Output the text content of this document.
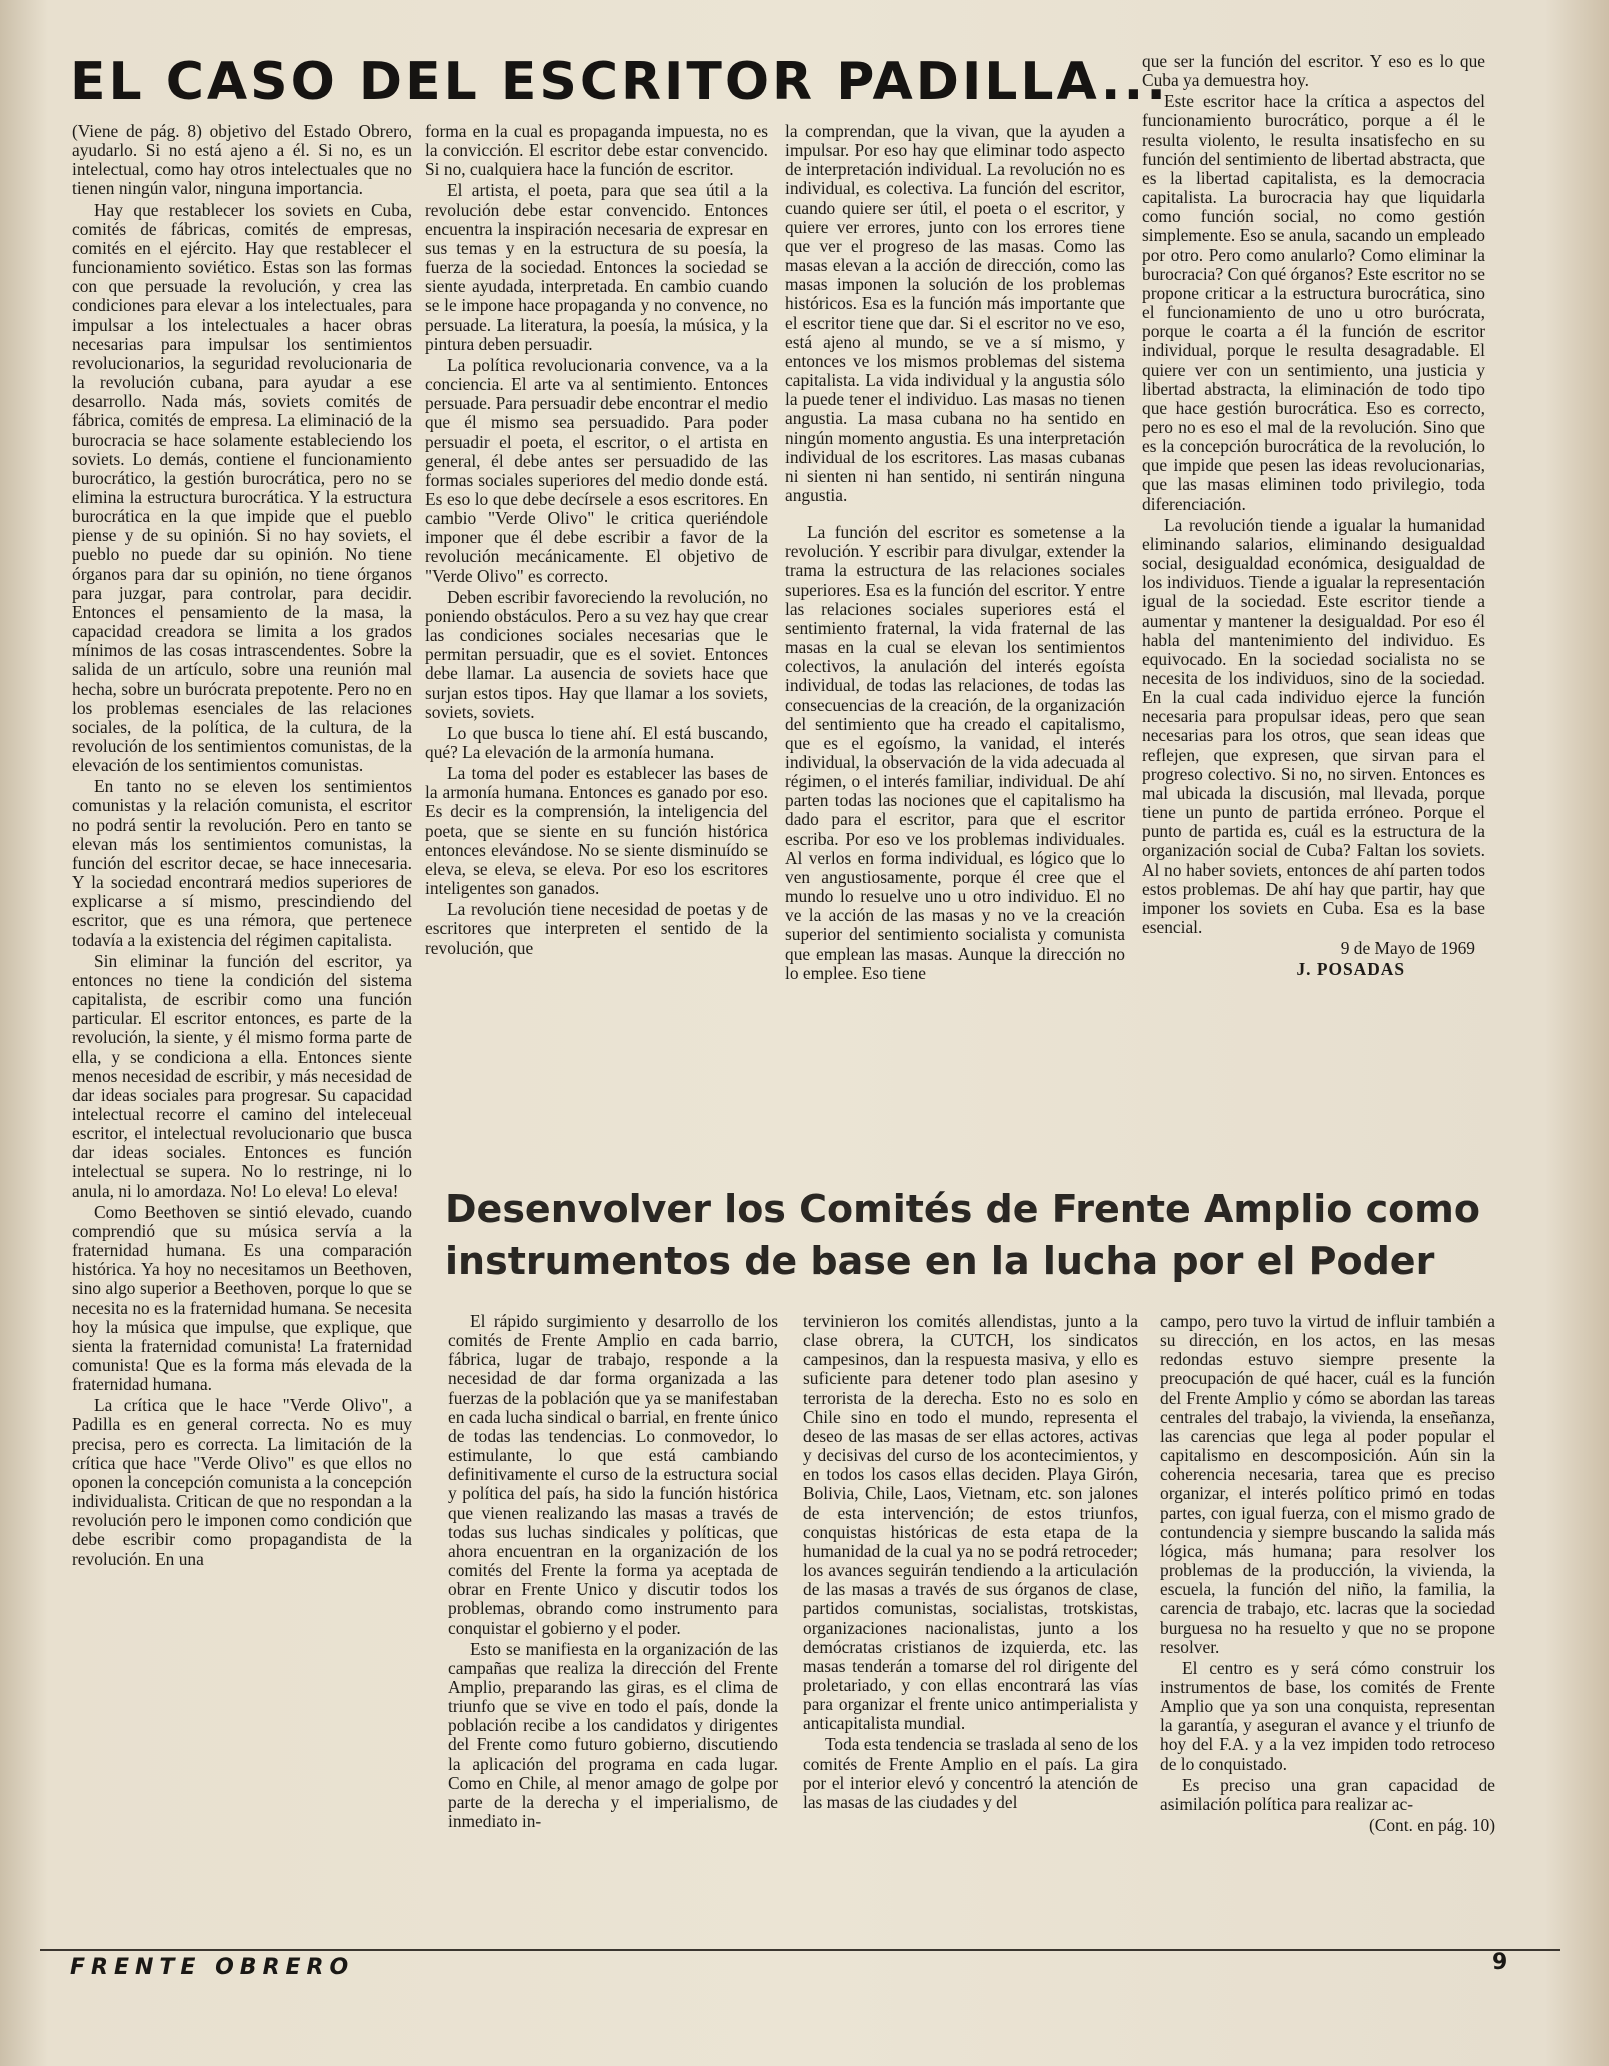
EL CASO DEL ESCRITOR PADILLA...

(Viene de pág. 8) objetivo del Estado Obrero, ayudarlo. Si no está ajeno a él. Si no, es un intelectual, como hay otros intelectuales que no tienen ningún valor, ninguna importancia.

Hay que restablecer los soviets en Cuba, comités de fábricas, comités de empresas, comités en el ejército. Hay que restablecer el funcionamiento soviético. Estas son las formas con que persuade la revolución, y crea las condiciones para elevar a los intelectuales, para impulsar a los intelectuales a hacer obras necesarias para impulsar los sentimientos revolucionarios, la seguridad revolucionaria de la revolución cubana, para ayudar a ese desarrollo. Nada más, soviets comités de fábrica, comités de empresa. La eliminació de la burocracia se hace solamente estableciendo los soviets. Lo demás, contiene el funcionamiento burocrático, la gestión burocrática, pero no se elimina la estructura burocrática. Y la estructura burocrática en la que impide que el pueblo piense y de su opinión. Si no hay soviets, el pueblo no puede dar su opinión. No tiene órganos para dar su opinión, no tiene órganos para juzgar, para controlar, para decidir. Entonces el pensamiento de la masa, la capacidad creadora se limita a los grados mínimos de las cosas intrascendentes. Sobre la salida de un artículo, sobre una reunión mal hecha, sobre un burócrata prepotente. Pero no en los problemas esenciales de las relaciones sociales, de la política, de la cultura, de la revolución de los sentimientos comunistas, de la elevación de los sentimientos comunistas.

En tanto no se eleven los sentimientos comunistas y la relación comunista, el escritor no podrá sentir la revolución. Pero en tanto se elevan más los sentimientos comunistas, la función del escritor decae, se hace innecesaria. Y la sociedad encontrará medios superiores de explicarse a sí mismo, prescindiendo del escritor, que es una rémora, que pertenece todavía a la existencia del régimen capitalista.

Sin eliminar la función del escritor, ya entonces no tiene la condición del sistema capitalista, de escribir como una función particular. El escritor entonces, es parte de la revolución, la siente, y él mismo forma parte de ella, y se condiciona a ella. Entonces siente menos necesidad de escribir, y más necesidad de dar ideas sociales para progresar. Su capacidad intelectual recorre el camino del inteleceual escritor, el intelectual revolucionario que busca dar ideas sociales. Entonces es función intelectual se supera. No lo restringe, ni lo anula, ni lo amordaza. No! Lo eleva! Lo eleva!

Como Beethoven se sintió elevado, cuando comprendió que su música servía a la fraternidad humana. Es una comparación histórica. Ya hoy no necesitamos un Beethoven, sino algo superior a Beethoven, porque lo que se necesita no es la fraternidad humana. Se necesita hoy la música que impulse, que explique, que sienta la fraternidad comunista! La fraternidad comunista! Que es la forma más elevada de la fraternidad humana.

La crítica que le hace "Verde Olivo", a Padilla es en general correcta. No es muy precisa, pero es correcta. La limitación de la crítica que hace "Verde Olivo" es que ellos no oponen la concepción comunista a la concepción individualista. Critican de que no respondan a la revolución pero le imponen como condición que debe escribir como propagandista de la revolución. En una

forma en la cual es propaganda impuesta, no es la convicción. El escritor debe estar convencido. Si no, cualquiera hace la función de escritor.

El artista, el poeta, para que sea útil a la revolución debe estar convencido. Entonces encuentra la inspiración necesaria de expresar en sus temas y en la estructura de su poesía, la fuerza de la sociedad. Entonces la sociedad se siente ayudada, interpretada. En cambio cuando se le impone hace propaganda y no convence, no persuade. La literatura, la poesía, la música, y la pintura deben persuadir.

La política revolucionaria convence, va a la conciencia. El arte va al sentimiento. Entonces persuade. Para persuadir debe encontrar el medio que él mismo sea persuadido. Para poder persuadir el poeta, el escritor, o el artista en general, él debe antes ser persuadido de las formas sociales superiores del medio donde está. Es eso lo que debe decírsele a esos escritores. En cambio "Verde Olivo" le critica queriéndole imponer que él debe escribir a favor de la revolución mecánicamente. El objetivo de "Verde Olivo" es correcto.

Deben escribir favoreciendo la revolución, no poniendo obstáculos. Pero a su vez hay que crear las condiciones sociales necesarias que le permitan persuadir, que es el soviet. Entonces debe llamar. La ausencia de soviets hace que surjan estos tipos. Hay que llamar a los soviets, soviets, soviets.

Lo que busca lo tiene ahí. El está buscando, qué? La elevación de la armonía humana.

La toma del poder es establecer las bases de la armonía humana. Entonces es ganado por eso. Es decir es la comprensión, la inteligencia del poeta, que se siente en su función histórica entonces elevándose. No se siente disminuído se eleva, se eleva, se eleva. Por eso los escritores inteligentes son ganados.

La revolución tiene necesidad de poetas y de escritores que interpreten el sentido de la revolución, que

la comprendan, que la vivan, que la ayuden a impulsar. Por eso hay que eliminar todo aspecto de interpretación individual. La revolución no es individual, es colectiva. La función del escritor, cuando quiere ser útil, el poeta o el escritor, y quiere ver errores, junto con los errores tiene que ver el progreso de las masas. Como las masas elevan a la acción de dirección, como las masas imponen la solución de los problemas históricos. Esa es la función más importante que el escritor tiene que dar. Si el escritor no ve eso, está ajeno al mundo, se ve a sí mismo, y entonces ve los mismos problemas del sistema capitalista. La vida individual y la angustia sólo la puede tener el individuo. Las masas no tienen angustia. La masa cubana no ha sentido en ningún momento angustia. Es una interpretación individual de los escritores. Las masas cubanas ni sienten ni han sentido, ni sentirán ninguna angustia.

La función del escritor es sometense a la revolución. Y escribir para divulgar, extender la trama la estructura de las relaciones sociales superiores. Esa es la función del escritor. Y entre las relaciones sociales superiores está el sentimiento fraternal, la vida fraternal de las masas en la cual se elevan los sentimientos colectivos, la anulación del interés egoísta individual, de todas las relaciones, de todas las consecuencias de la creación, de la organización del sentimiento que ha creado el capitalismo, que es el egoísmo, la vanidad, el interés individual, la observación de la vida adecuada al régimen, o el interés familiar, individual. De ahí parten todas las nociones que el capitalismo ha dado para el escritor, para que el escritor escriba. Por eso ve los problemas individuales. Al verlos en forma individual, es lógico que lo ven angustiosamente, porque él cree que el mundo lo resuelve uno u otro individuo. El no ve la acción de las masas y no ve la creación superior del sentimiento socialista y comunista que emplean las masas. Aunque la dirección no lo emplee. Eso tiene

que ser la función del escritor. Y eso es lo que Cuba ya demuestra hoy.

Este escritor hace la crítica a aspectos del funcionamiento burocrático, porque a él le resulta violento, le resulta insatisfecho en su función del sentimiento de libertad abstracta, que es la libertad capitalista, es la democracia capitalista. La burocracia hay que liquidarla como función social, no como gestión simplemente. Eso se anula, sacando un empleado por otro. Pero como anularlo? Como eliminar la burocracia? Con qué órganos? Este escritor no se propone criticar a la estructura burocrática, sino el funcionamiento de uno u otro burócrata, porque le coarta a él la función de escritor individual, porque le resulta desagradable. El quiere ver con un sentimiento, una justicia y libertad abstracta, la eliminación de todo tipo que hace gestión burocrática. Eso es correcto, pero no es eso el mal de la revolución. Sino que es la concepción burocrática de la revolución, lo que impide que pesen las ideas revolucionarias, que las masas eliminen todo privilegio, toda diferenciación.

La revolución tiende a igualar la humanidad eliminando salarios, eliminando desigualdad social, desigualdad económica, desigualdad de los individuos. Tiende a igualar la representación igual de la sociedad. Este escritor tiende a aumentar y mantener la desigualdad. Por eso él habla del mantenimiento del individuo. Es equivocado. En la sociedad socialista no se necesita de los individuos, sino de la sociedad. En la cual cada individuo ejerce la función necesaria para propulsar ideas, pero que sean necesarias para los otros, que sean ideas que reflejen, que expresen, que sirvan para el progreso colectivo. Si no, no sirven. Entonces es mal ubicada la discusión, mal llevada, porque tiene un punto de partida erróneo. Porque el punto de partida es, cuál es la estructura de la organización social de Cuba? Faltan los soviets. Al no haber soviets, entonces de ahí parten todos estos problemas. De ahí hay que partir, hay que imponer los soviets en Cuba. Esa es la base esencial.

9 de Mayo de 1969

J. POSADAS

Desenvolver los Comités de Frente Amplio como
instrumentos de base en la lucha por el Poder

El rápido surgimiento y desarrollo de los comités de Frente Amplio en cada barrio, fábrica, lugar de trabajo, responde a la necesidad de dar forma organizada a las fuerzas de la población que ya se manifestaban en cada lucha sindical o barrial, en frente único de todas las tendencias. Lo conmovedor, lo estimulante, lo que está cambiando definitivamente el curso de la estructura social y política del país, ha sido la función histórica que vienen realizando las masas a través de todas sus luchas sindicales y políticas, que ahora encuentran en la organización de los comités del Frente la forma ya aceptada de obrar en Frente Unico y discutir todos los problemas, obrando como instrumento para conquistar el gobierno y el poder.

Esto se manifiesta en la organización de las campañas que realiza la dirección del Frente Amplio, preparando las giras, es el clima de triunfo que se vive en todo el país, donde la población recibe a los candidatos y dirigentes del Frente como futuro gobierno, discutiendo la aplicación del programa en cada lugar. Como en Chile, al menor amago de golpe por parte de la derecha y el imperialismo, de inmediato in-

tervinieron los comités allendistas, junto a la clase obrera, la CUTCH, los sindicatos campesinos, dan la respuesta masiva, y ello es suficiente para detener todo plan asesino y terrorista de la derecha. Esto no es solo en Chile sino en todo el mundo, representa el deseo de las masas de ser ellas actores, activas y decisivas del curso de los acontecimientos, y en todos los casos ellas deciden. Playa Girón, Bolivia, Chile, Laos, Vietnam, etc. son jalones de esta intervención; de estos triunfos, conquistas históricas de esta etapa de la humanidad de la cual ya no se podrá retroceder; los avances seguirán tendiendo a la articulación de las masas a través de sus órganos de clase, partidos comunistas, socialistas, trotskistas, organizaciones nacionalistas, junto a los demócratas cristianos de izquierda, etc. las masas tenderán a tomarse del rol dirigente del proletariado, y con ellas encontrará las vías para organizar el frente unico antimperialista y anticapitalista mundial.

Toda esta tendencia se traslada al seno de los comités de Frente Amplio en el país. La gira por el interior elevó y concentró la atención de las masas de las ciudades y del

campo, pero tuvo la virtud de influir también a su dirección, en los actos, en las mesas redondas estuvo siempre presente la preocupación de qué hacer, cuál es la función del Frente Amplio y cómo se abordan las tareas centrales del trabajo, la vivienda, la enseñanza, las carencias que lega al poder popular el capitalismo en descomposición. Aún sin la coherencia necesaria, tarea que es preciso organizar, el interés político primó en todas partes, con igual fuerza, con el mismo grado de contundencia y siempre buscando la salida más lógica, más humana; para resolver los problemas de la producción, la vivienda, la escuela, la función del niño, la familia, la carencia de trabajo, etc. lacras que la sociedad burguesa no ha resuelto y que no se propone resolver.

El centro es y será cómo construir los instrumentos de base, los comités de Frente Amplio que ya son una conquista, representan la garantía, y aseguran el avance y el triunfo de hoy del F.A. y a la vez impiden todo retroceso de lo conquistado.

Es preciso una gran capacidad de asimilación política para realizar ac-

(Cont. en pág. 10)

FRENTE OBRERO	9
